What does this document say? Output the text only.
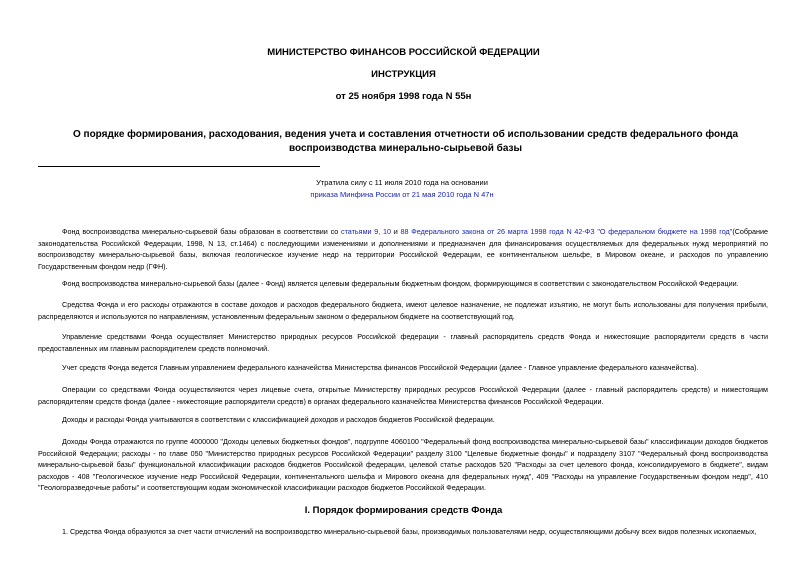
МИНИСТЕРСТВО ФИНАНСОВ РОССИЙСКОЙ ФЕДЕРАЦИИ
ИНСТРУКЦИЯ
от 25 ноября 1998 года N 55н
О порядке формирования, расходования, ведения учета и составления отчетности об использовании средств федерального фонда воспроизводства минерально-сырьевой базы
Утратила силу с 11 июля 2010 года на основании
приказа Минфина России от 21 мая 2010 года N 47н
Фонд воспроизводства минерально-сырьевой базы образован в соответствии со статьями 9, 10 и 88 Федерального закона от 26 марта 1998 года N 42-ФЗ "О федеральном бюджете на 1998 год"(Собрание законодательства Российской Федерации, 1998, N 13, ст.1464) с последующими изменениями и дополнениями и предназначен для финансирования осуществляемых для федеральных нужд мероприятий по воспроизводству минерально-сырьевой базы, включая геологическое изучение недр на территории Российской Федерации, ее континентальном шельфе, в Мировом океане, и расходов по управлению Государственным фондом недр (ГФН).
Фонд воспроизводства минерально-сырьевой базы (далее - Фонд) является целевым федеральным бюджетным фондом, формирующимся в соответствии с законодательством Российской Федерации.
Средства Фонда и его расходы отражаются в составе доходов и расходов федерального бюджета, имеют целевое назначение, не подлежат изъятию, не могут быть использованы для получения прибыли, распределяются и используются по направлениям, установленным федеральным законом о федеральном бюджете на соответствующий год.
Управление средствами Фонда осуществляет Министерство природных ресурсов Российской федерации - главный распорядитель средств Фонда и нижестоящие распорядители средств в части предоставленных им главным распорядителем средств полномочий.
Учет средств Фонда ведется Главным управлением федерального казначейства Министерства финансов Российской Федерации (далее - Главное управление федерального казначейства).
Операции со средствами Фонда осуществляются через лицевые счета, открытые Министерству природных ресурсов Российской Федерации (далее - главный распорядитель средств) и нижестоящим распорядителям средств фонда (далее - нижестоящие распорядители средств) в органах федерального казначейства Министерства финансов Российской Федерации.
Доходы и расходы Фонда учитываются в соответствии с классификацией доходов и расходов бюджетов Российской федерации.
Доходы Фонда отражаются по группе 4000000 "Доходы целевых бюджетных фондов", подгруппе 4060100 "Федеральный фонд воспроизводства минерально-сырьевой базы" классификации доходов бюджетов Российской Федерации; расходы - по главе 050 "Министерство природных ресурсов Российской Федерации" разделу 3100 "Целевые бюджетные фонды" и подразделу 3107 "Федеральный фонд воспроизводства минерально-сырьевой базы" функциональной классификации расходов бюджетов Российской федерации, целевой статье расходов 520 "Расходы за счет целевого фонда, консолидируемого в бюджете", видам расходов - 408 "Геологическое изучение недр Российской Федерации, континентального шельфа и Мирового океана для федеральных нужд", 409 "Расходы на управление Государственным фондом недр", 410 "Геологоразведочные работы" и соответствующим кодам экономической классификации расходов бюджетов Российской Федерации.
I. Порядок формирования средств Фонда
1. Средства Фонда образуются за счет части отчислений на воспроизводство минерально-сырьевой базы, производимых пользователями недр, осуществляющими добычу всех видов полезных ископаемых,
